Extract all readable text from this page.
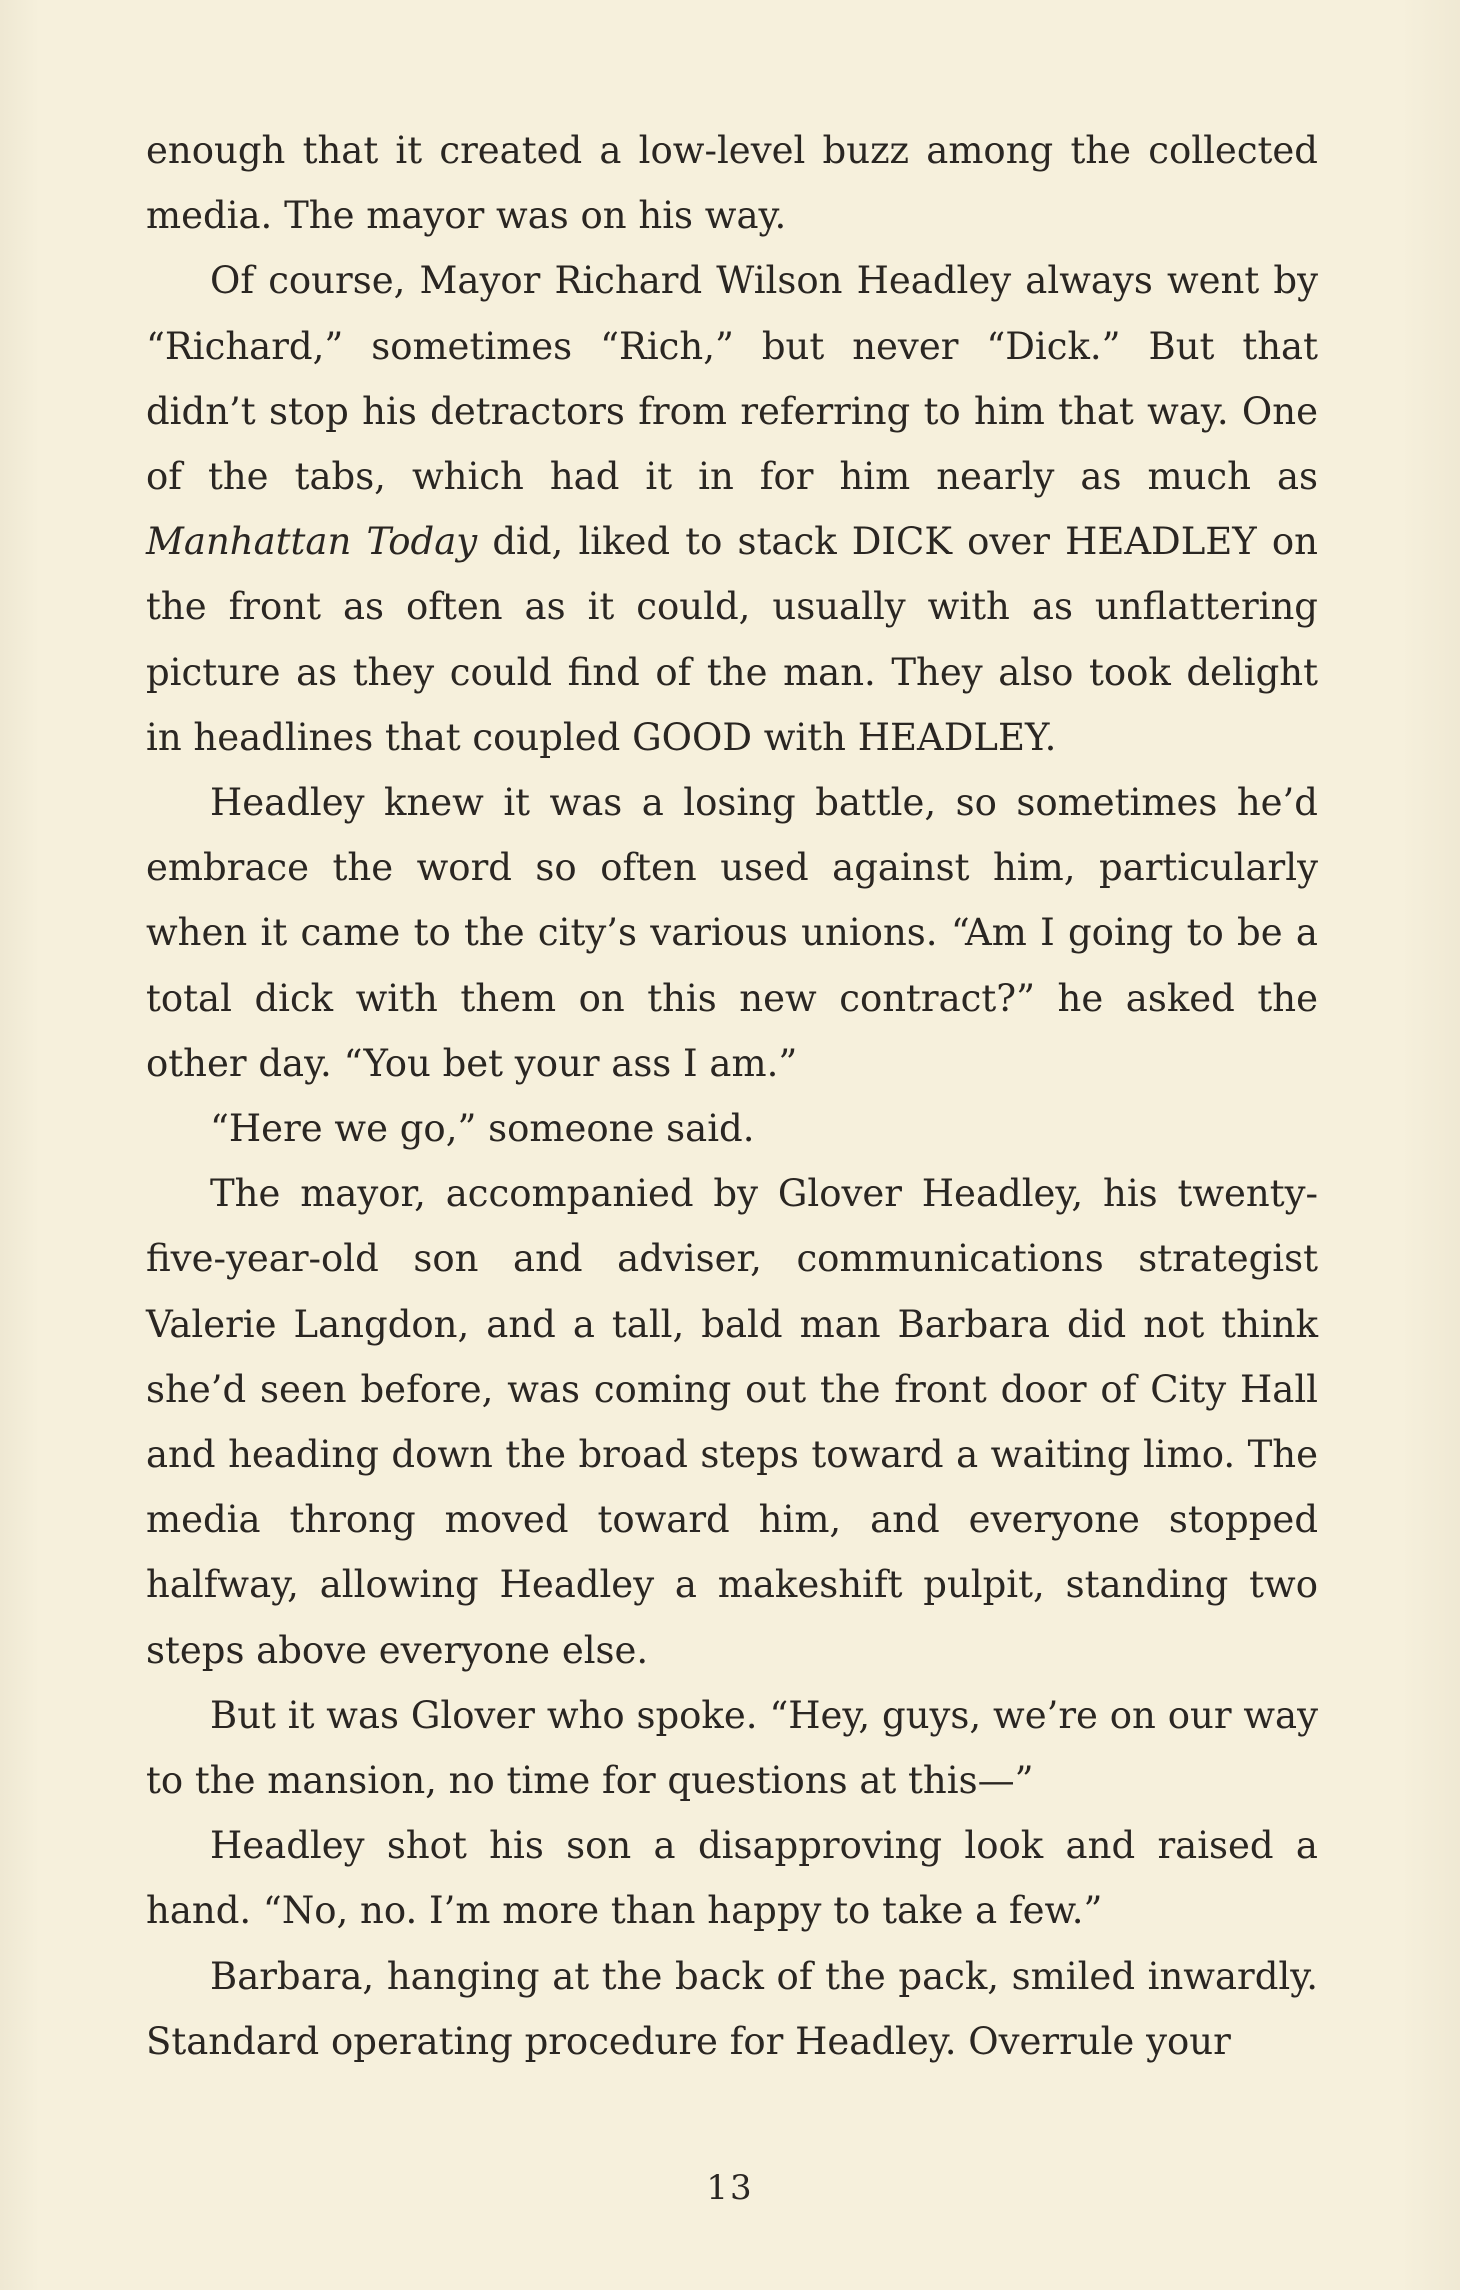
enough that it created a low-level buzz among the collected media. The mayor was on his way.

Of course, Mayor Richard Wilson Headley always went by “Richard,” sometimes “Rich,” but never “Dick.” But that didn’t stop his detractors from referring to him that way. One of the tabs, which had it in for him nearly as much as Manhattan Today did, liked to stack DICK over HEADLEY on the front as often as it could, usually with as unflattering picture as they could find of the man. They also took delight in headlines that coupled GOOD with HEADLEY.

Headley knew it was a losing battle, so sometimes he’d embrace the word so often used against him, particularly when it came to the city’s various unions. “Am I going to be a total dick with them on this new contract?” he asked the other day. “You bet your ass I am.”

“Here we go,” someone said.

The mayor, accompanied by Glover Headley, his twenty-five-year-old son and adviser, communications strategist Valerie Langdon, and a tall, bald man Barbara did not think she’d seen before, was coming out the front door of City Hall and heading down the broad steps toward a waiting limo. The media throng moved toward him, and everyone stopped halfway, allowing Headley a makeshift pulpit, standing two steps above everyone else.

But it was Glover who spoke. “Hey, guys, we’re on our way to the mansion, no time for questions at this—”

Headley shot his son a disapproving look and raised a hand. “No, no. I’m more than happy to take a few.”

Barbara, hanging at the back of the pack, smiled inwardly. Standard operating procedure for Headley. Overrule your

13
